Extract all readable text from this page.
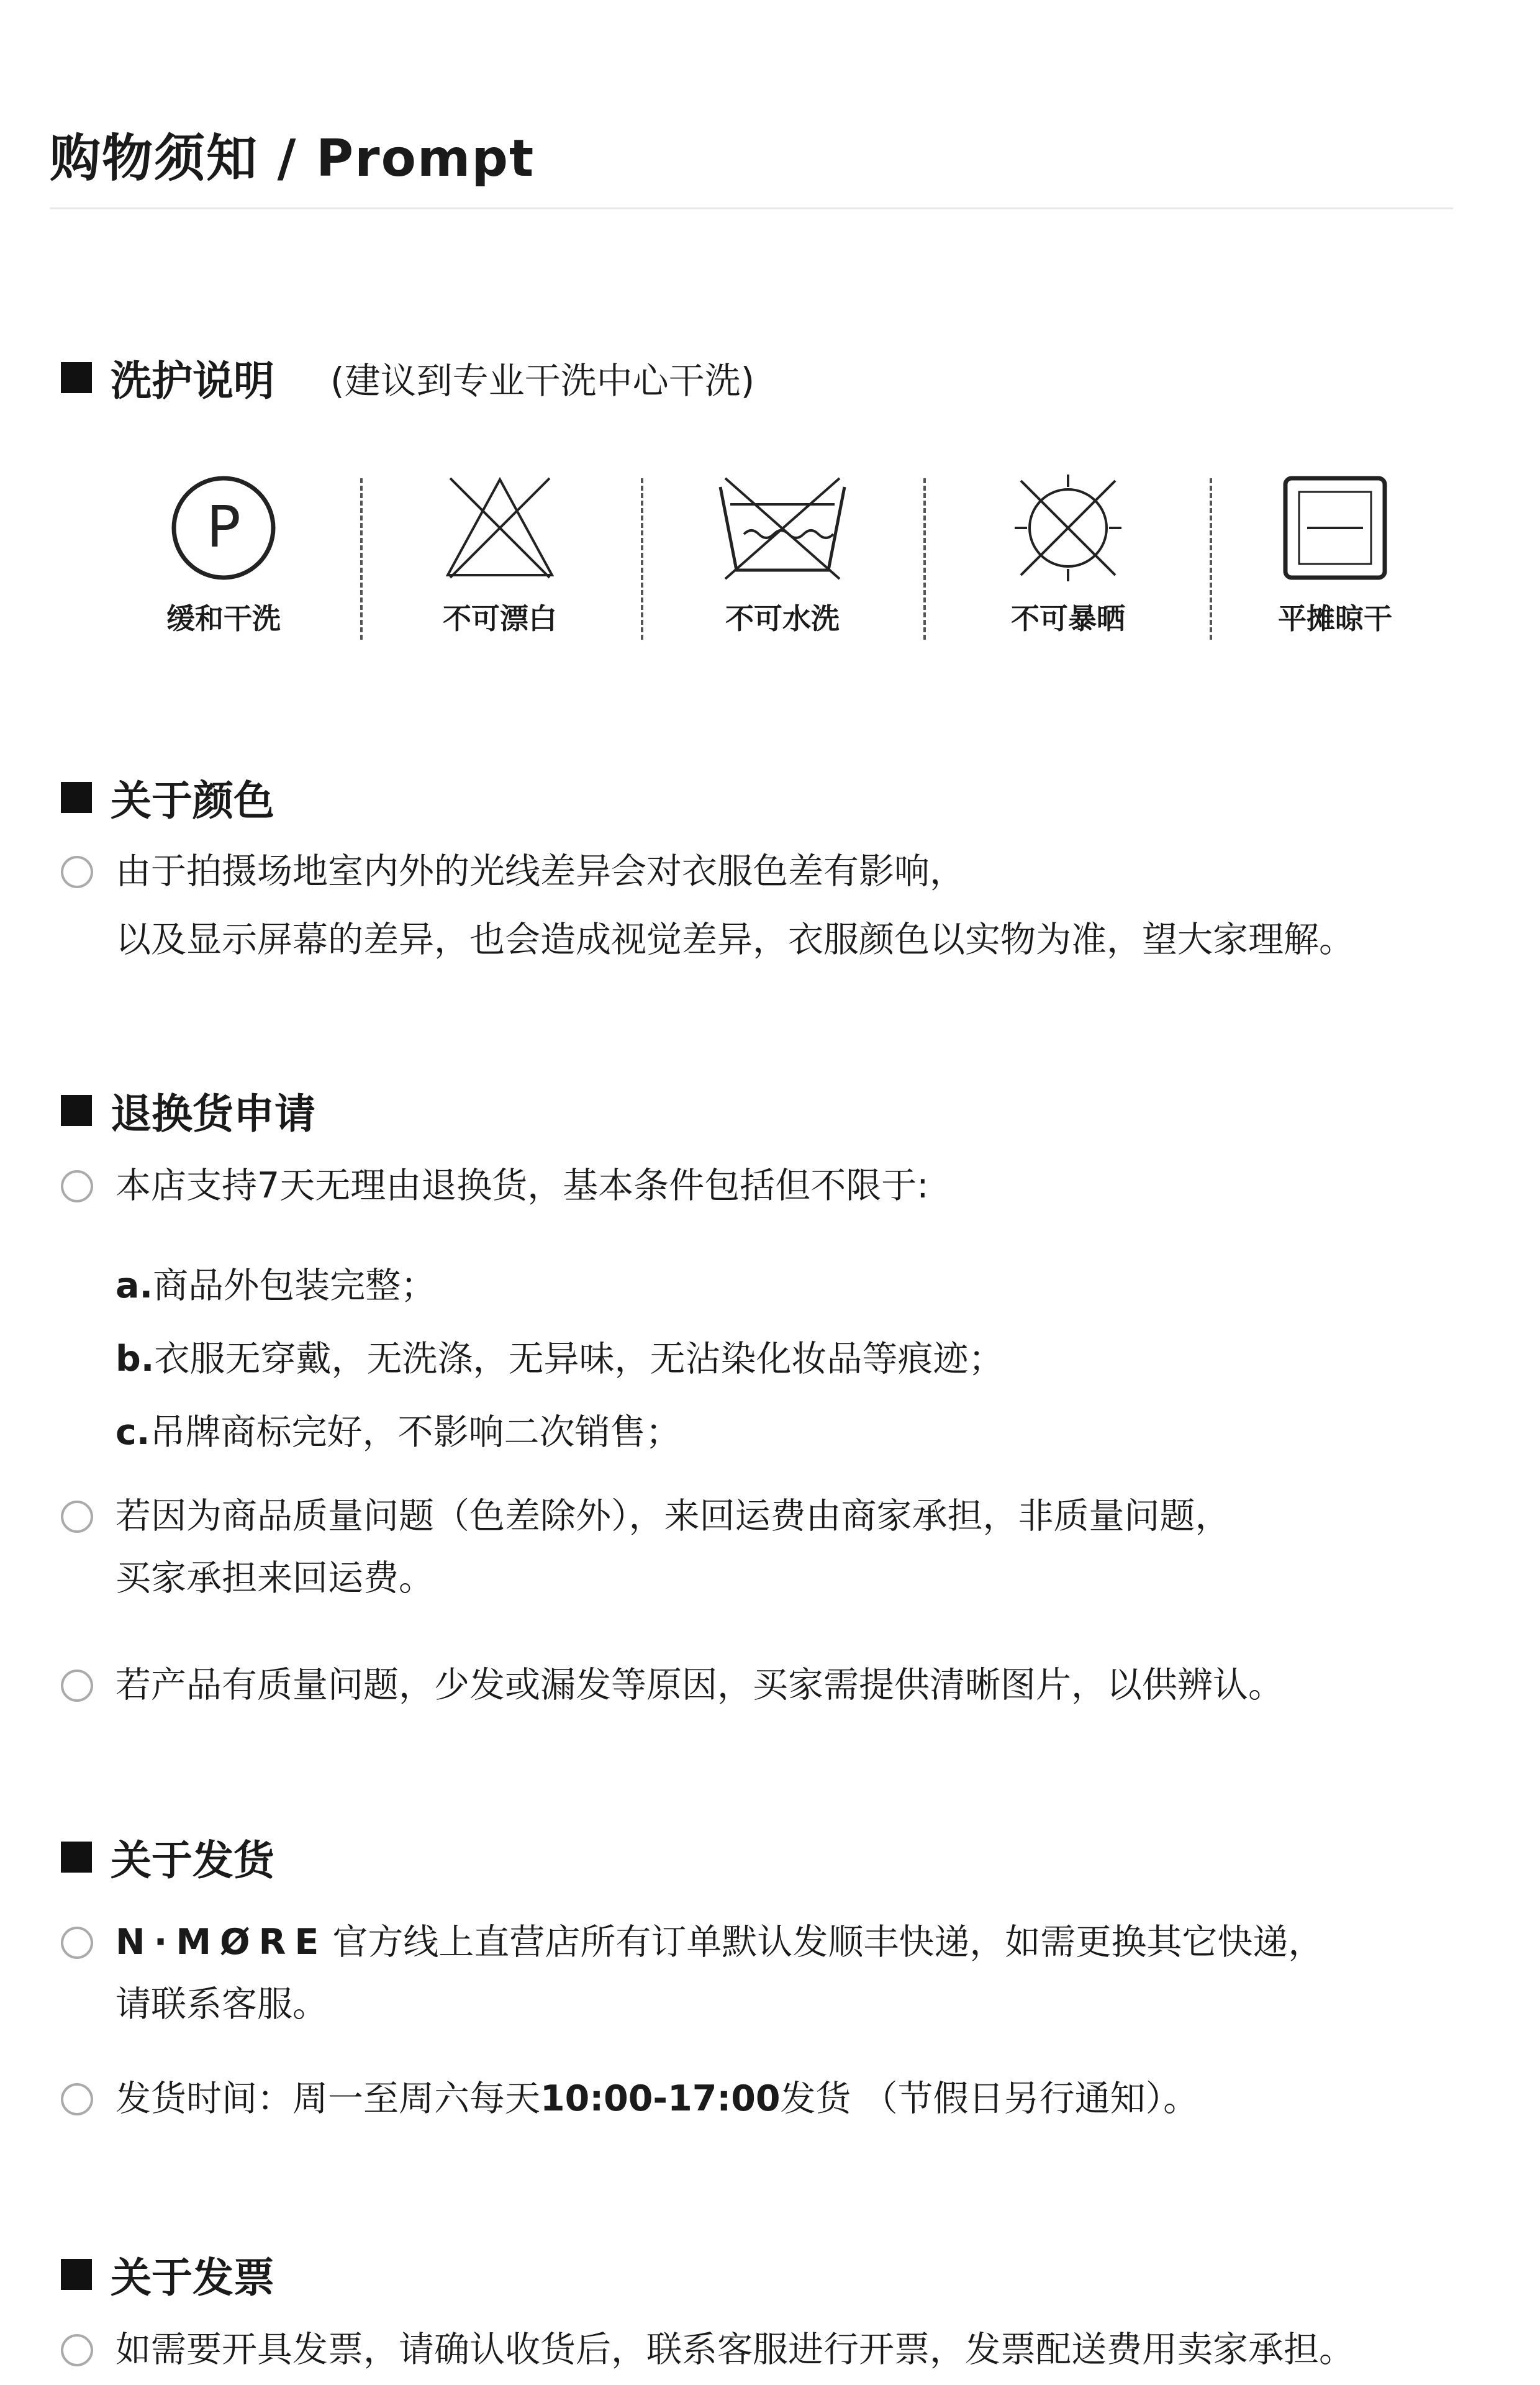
购物须知 / Prompt
洗护说明 (建议到专业干洗中心干洗)
P
缓和干洗	不可漂白	不可水洗	不可暴晒	平摊晾干
关于颜色
由于拍摄场地室内外的光线差异会对衣服色差有影响，
以及显示屏幕的差异，也会造成视觉差异，衣服颜色以实物为准，望大家理解。
退换货申请
本店支持7天无理由退换货，基本条件包括但不限于:
a.商品外包装完整；
b.衣服无穿戴，无洗涤，无异味，无沾染化妆品等痕迹；
c.吊牌商标完好，不影响二次销售；
若因为商品质量问题（色差除外），来回运费由商家承担，非质量问题，
买家承担来回运费。
若产品有质量问题，少发或漏发等原因，买家需提供清晰图片，以供辨认。
关于发货
N·MØRE 官方线上直营店所有订单默认发顺丰快递，如需更换其它快递，
请联系客服。
发货时间：周一至周六每天10:00-17:00发货 （节假日另行通知）。
关于发票
如需要开具发票，请确认收货后，联系客服进行开票，发票配送费用卖家承担。
